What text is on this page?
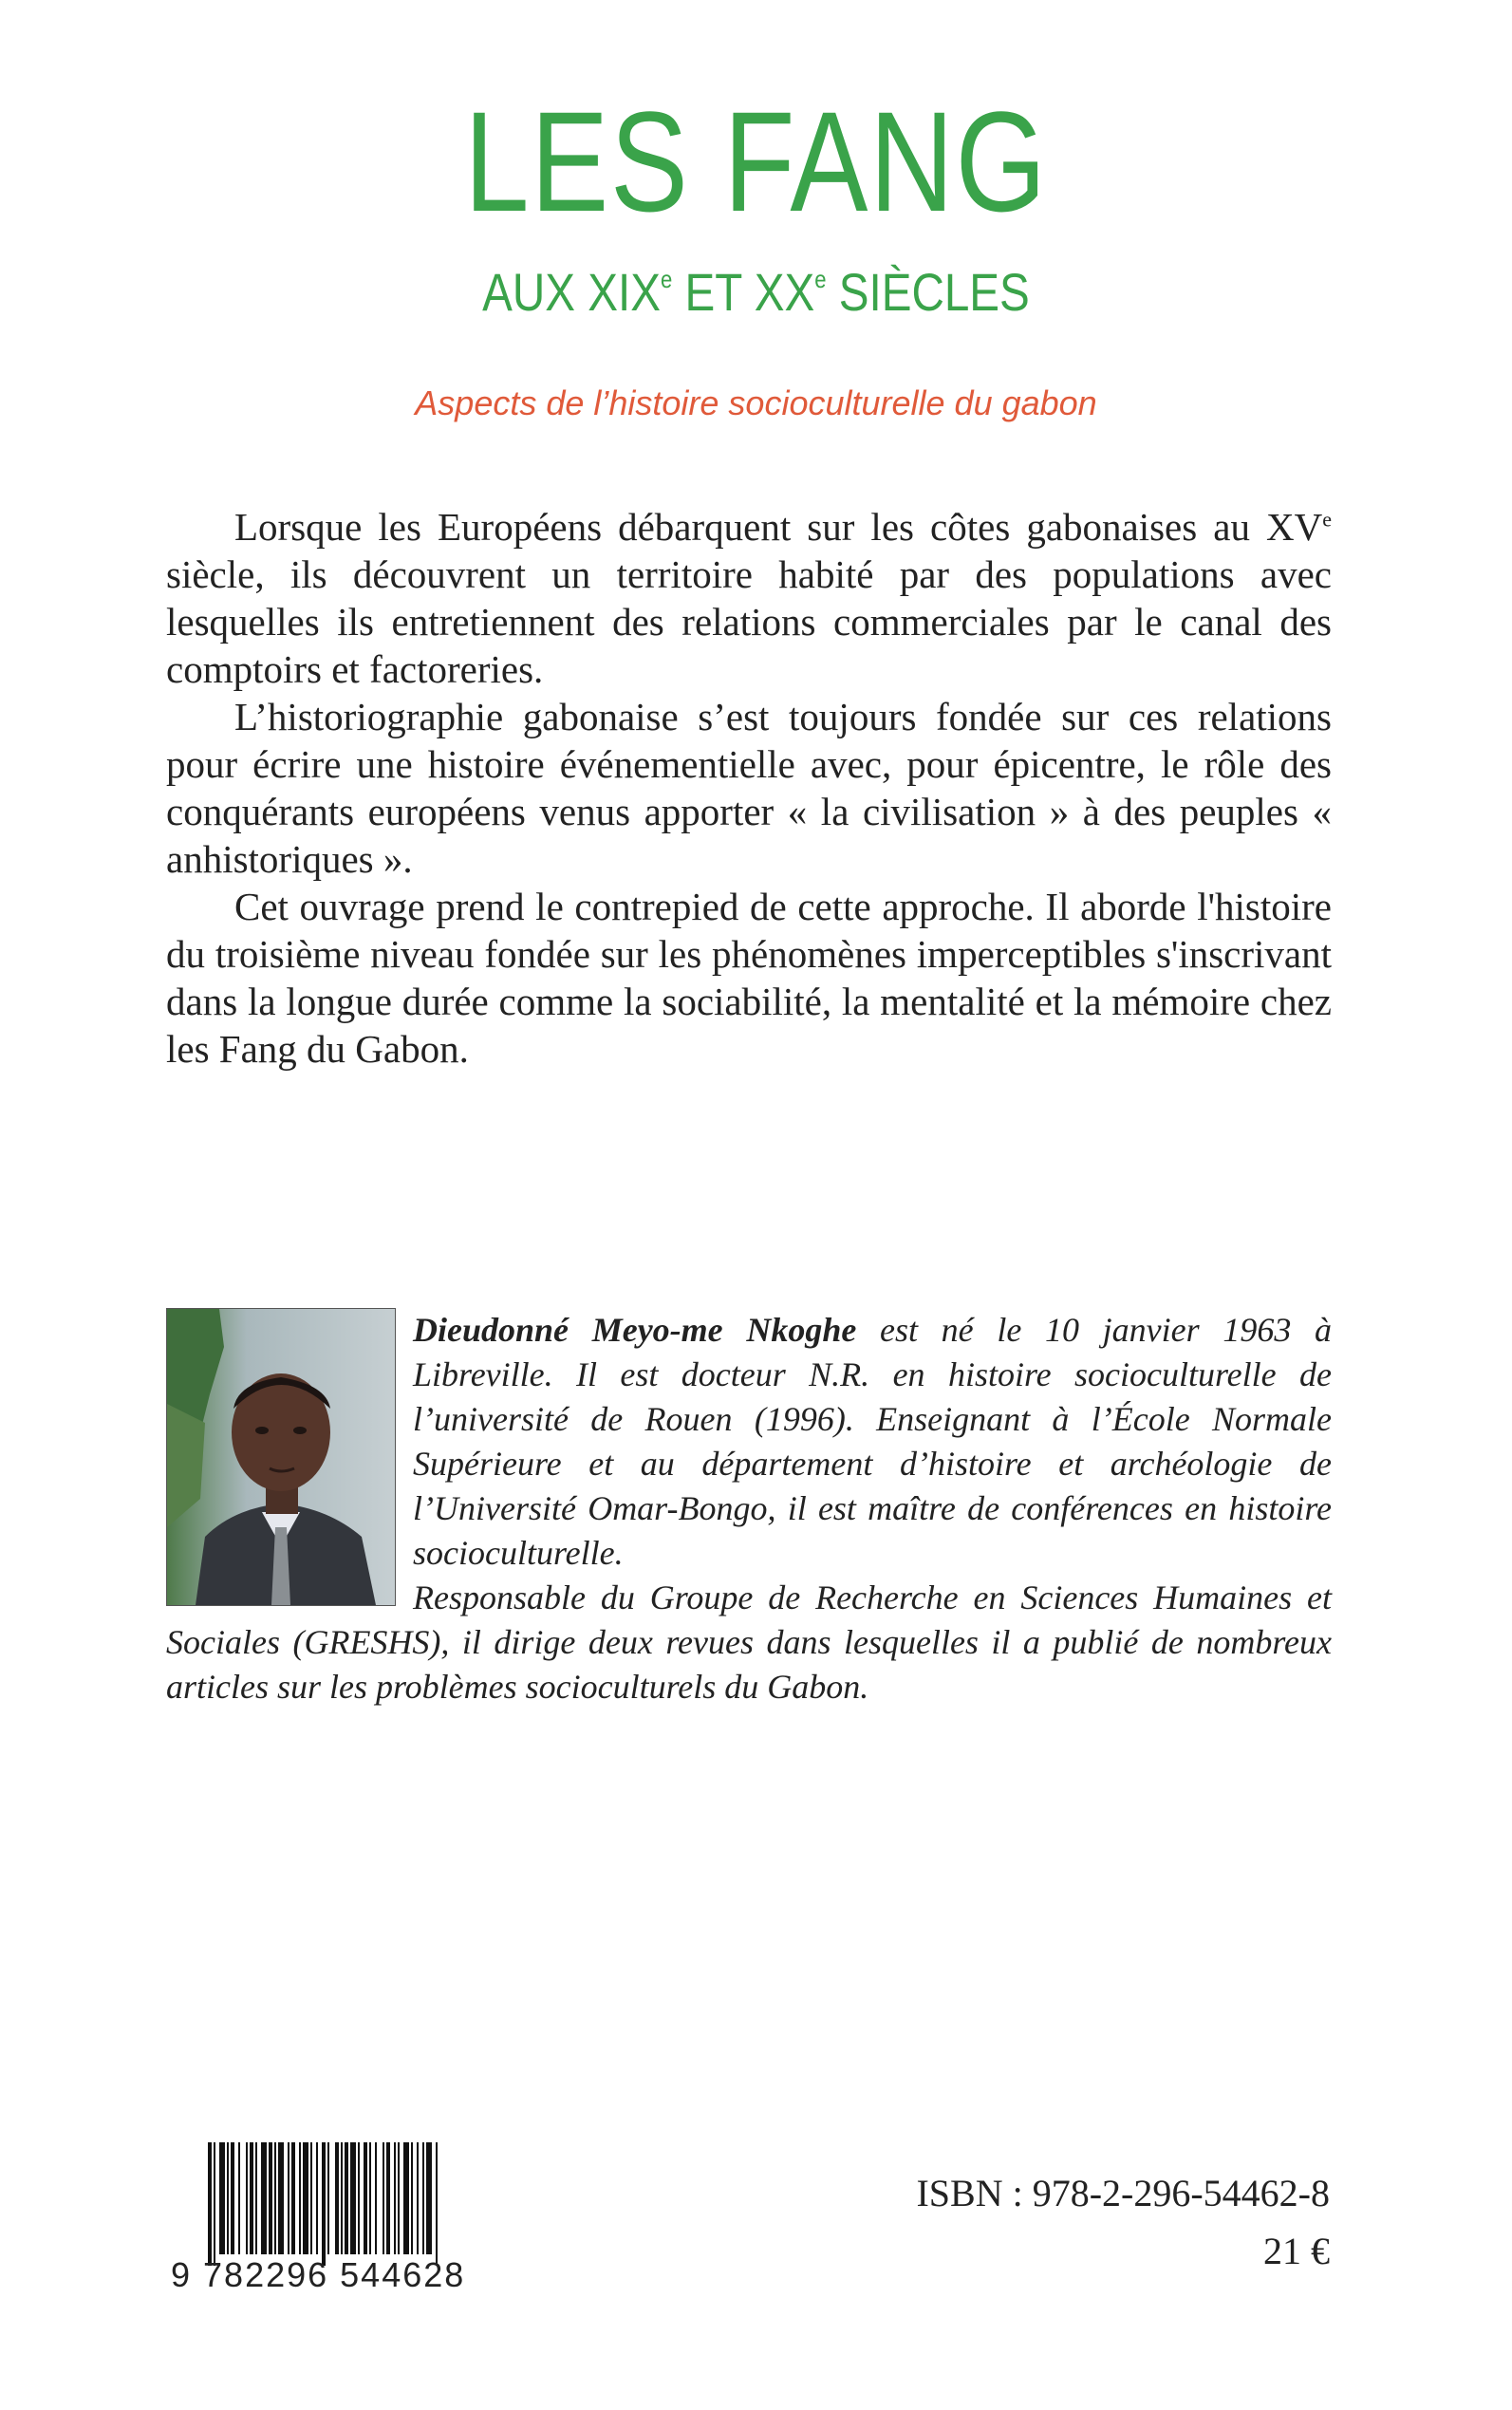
LES FANG
AUX XIXe ET XXe SIÈCLES
Aspects de l’histoire socioculturelle du gabon

Lorsque les Européens débarquent sur les côtes gabonaises au XVe siècle, ils découvrent un territoire habité par des populations avec lesquelles ils entretiennent des relations commerciales par le canal des comptoirs et factoreries.

L’historiographie gabonaise s’est toujours fondée sur ces relations pour écrire une histoire événementielle avec, pour épicentre, le rôle des conquérants européens venus apporter « la civilisation » à des peuples « anhistoriques ».

Cet ouvrage prend le contrepied de cette approche. Il aborde l'histoire du troisième niveau fondée sur les phénomènes imperceptibles s'inscrivant dans la longue durée comme la sociabilité, la mentalité et la mémoire chez les Fang du Gabon.

Dieudonné Meyo-me Nkoghe est né le 10 janvier 1963 à Libreville. Il est docteur N.R. en histoire socioculturelle de l’université de Rouen (1996). Enseignant à l’École Normale Supérieure et au département d’histoire et archéologie de l’Université Omar-Bongo, il est maître de conférences en histoire socioculturelle.

Responsable du Groupe de Recherche en Sciences Humaines et Sociales (GRESHS), il dirige deux revues dans lesquelles il a publié de nombreux articles sur les problèmes socioculturels du Gabon.

9 782296 544628
ISBN : 978-2-296-54462-8
21 €
